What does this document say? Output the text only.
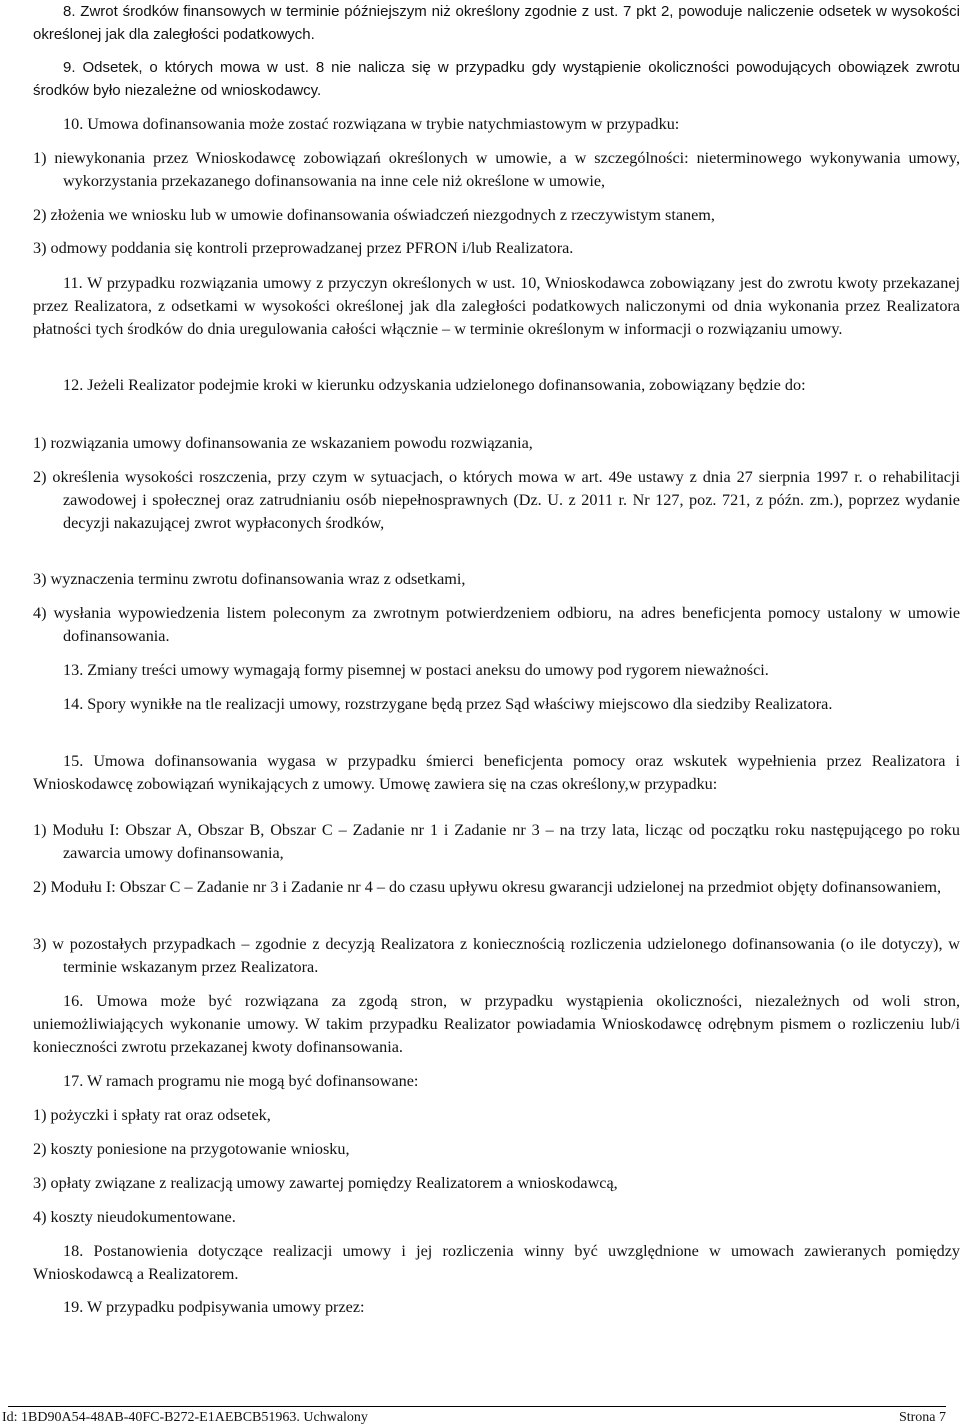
8. Zwrot środków finansowych w terminie późniejszym niż określony zgodnie z ust. 7 pkt 2, powoduje naliczenie odsetek w wysokości określonej jak dla zaległości podatkowych.
9. Odsetek, o których mowa w ust. 8 nie nalicza się w przypadku gdy wystąpienie okoliczności powodujących obowiązek zwrotu środków było niezależne od wnioskodawcy.
10. Umowa dofinansowania może zostać rozwiązana w trybie natychmiastowym w przypadku:
1) niewykonania przez Wnioskodawcę zobowiązań określonych w umowie, a w szczególności: nieterminowego wykonywania umowy, wykorzystania przekazanego dofinansowania na inne cele niż określone w umowie,
2) złożenia we wniosku lub w umowie dofinansowania oświadczeń niezgodnych z rzeczywistym stanem,
3) odmowy poddania się kontroli przeprowadzanej przez PFRON i/lub Realizatora.
11. W przypadku rozwiązania umowy z przyczyn określonych w ust. 10, Wnioskodawca zobowiązany jest do zwrotu kwoty przekazanej przez Realizatora, z odsetkami w wysokości określonej jak dla zaległości podatkowych naliczonymi od dnia wykonania przez Realizatora płatności tych środków do dnia uregulowania całości włącznie – w terminie określonym w informacji o rozwiązaniu umowy.
12. Jeżeli Realizator podejmie kroki w kierunku odzyskania udzielonego dofinansowania, zobowiązany będzie do:
1) rozwiązania umowy dofinansowania ze wskazaniem powodu rozwiązania,
2) określenia wysokości roszczenia, przy czym w sytuacjach, o których mowa w art. 49e ustawy z dnia 27 sierpnia 1997 r. o rehabilitacji zawodowej i społecznej oraz zatrudnianiu osób niepełnosprawnych (Dz. U. z 2011 r. Nr 127, poz. 721, z późn. zm.), poprzez wydanie decyzji nakazującej zwrot wypłaconych środków,
3) wyznaczenia terminu zwrotu dofinansowania wraz z odsetkami,
4) wysłania wypowiedzenia listem poleconym za zwrotnym potwierdzeniem odbioru, na adres beneficjenta pomocy ustalony w umowie dofinansowania.
13. Zmiany treści umowy wymagają formy pisemnej w postaci aneksu do umowy pod rygorem nieważności.
14. Spory wynikłe na tle realizacji umowy, rozstrzygane będą przez Sąd właściwy miejscowo dla siedziby Realizatora.
15. Umowa dofinansowania wygasa w przypadku śmierci beneficjenta pomocy oraz wskutek wypełnienia przez Realizatora i Wnioskodawcę zobowiązań wynikających z umowy. Umowę zawiera się na czas określony,w przypadku:
1) Modułu I: Obszar A, Obszar B, Obszar C – Zadanie nr 1 i Zadanie nr 3 – na trzy lata, licząc od początku roku następującego po roku zawarcia umowy dofinansowania,
2) Modułu I: Obszar C – Zadanie nr 3 i Zadanie nr 4 – do czasu upływu okresu gwarancji udzielonej na przedmiot objęty dofinansowaniem,
3) w pozostałych przypadkach – zgodnie z decyzją Realizatora z koniecznością rozliczenia udzielonego dofinansowania (o ile dotyczy), w terminie wskazanym przez Realizatora.
16. Umowa może być rozwiązana za zgodą stron, w przypadku wystąpienia okoliczności, niezależnych od woli stron, uniemożliwiających wykonanie umowy. W takim przypadku Realizator powiadamia Wnioskodawcę odrębnym pismem o rozliczeniu lub/i konieczności zwrotu przekazanej kwoty dofinansowania.
17. W ramach programu nie mogą być dofinansowane:
1) pożyczki i spłaty rat oraz odsetek,
2) koszty poniesione na przygotowanie wniosku,
3) opłaty związane z realizacją umowy zawartej pomiędzy Realizatorem a wnioskodawcą,
4) koszty nieudokumentowane.
18. Postanowienia dotyczące realizacji umowy i jej rozliczenia winny być uwzględnione w umowach zawieranych pomiędzy Wnioskodawcą a Realizatorem.
19. W przypadku podpisywania umowy przez:
Id: 1BD90A54-48AB-40FC-B272-E1AEBCB51963. Uchwalony	Strona 7
